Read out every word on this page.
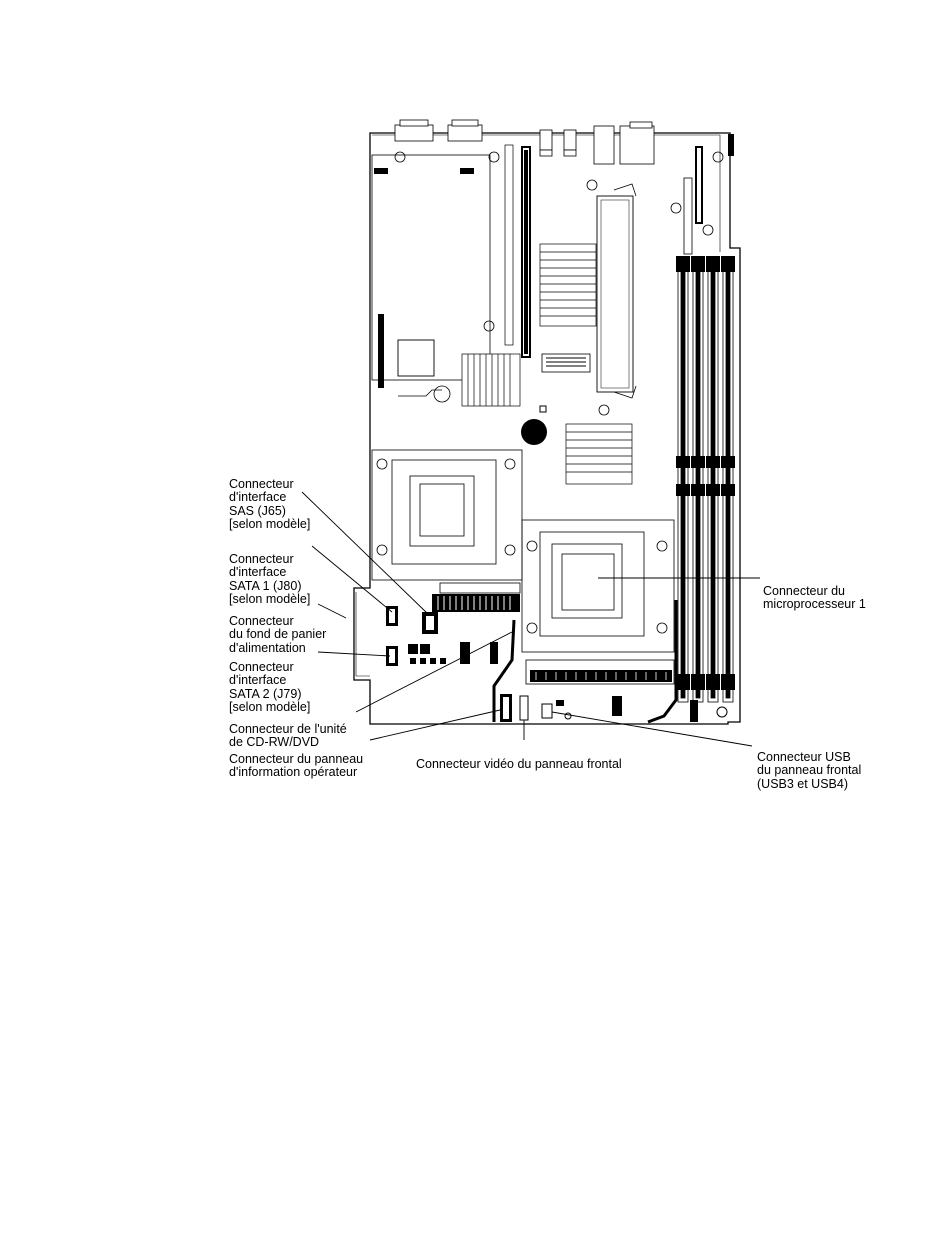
Connecteur
d'interface
SAS (J65)
[selon modèle]

Connecteur
d'interface
SATA 1 (J80)
[selon modèle]

Connecteur
du fond de panier
d'alimentation

Connecteur
d'interface
SATA 2 (J79)
[selon modèle]

Connecteur de l'unité
de CD-RW/DVD

Connecteur du panneau
d'information opérateur

Connecteur vidéo du panneau frontal	Connecteur USB
du panneau frontal
(USB3 et USB4)

Connecteur du
microprocesseur 1
